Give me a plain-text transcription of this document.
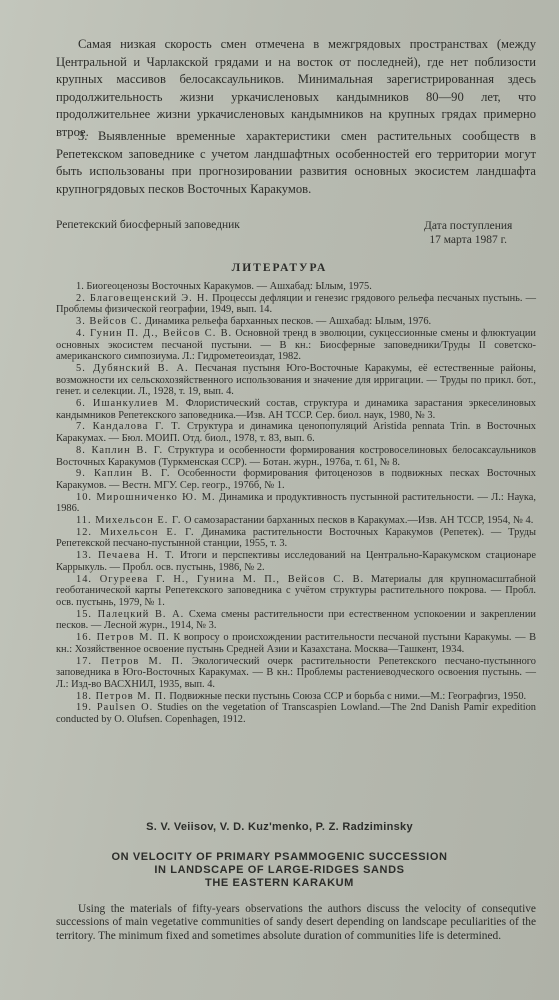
Самая низкая скорость смен отмечена в межгрядовых пространствах (между Центральной и Чарлакской грядами и на восток от последней), где нет поблизости крупных массивов белосаксаульников. Минимальная зарегистрированная здесь продолжительность жизни уркачисленовых кандымников 80—90 лет, что продолжительнее жизни уркачисленовых кандымников на крупных грядах примерно втрое.
3. Выявленные временные характеристики смен растительных сообществ в Репетекском заповеднике с учетом ландшафтных особенностей его территории могут быть использованы при прогнозировании развития основных экосистем ландшафта крупногрядовых песков Восточных Каракумов.
Репетекский биосферный заповедник	Дата поступления
17 марта 1987 г.
ЛИТЕРАТУРА
1. Биогеоценозы Восточных Каракумов. — Ашхабад: Ылым, 1975.
2. Благовещенский Э. Н. Процессы дефляции и генезис грядового рельефа песчаных пустынь. — Проблемы физической географии, 1949, вып. 14.
3. Вейсов С. Динамика рельефа барханных песков. — Ашхабад: Ылым, 1976.
4. Гунин П. Д., Вейсов С. В. Основной тренд в эволюции, сукцессионные смены и флюктуации основных экосистем песчаной пустыни. — В кн.: Биосферные заповедники/Труды II советско-американского симпозиума. Л.: Гидрометеоиздат, 1982.
5. Дубянский В. А. Песчаная пустыня Юго-Восточные Каракумы, её естественные районы, возможности их сельскохозяйственного использования и значение для ирригации. — Труды по прикл. бот., генет. и селекции. Л., 1928, т. 19, вып. 4.
6. Ишанкулиев М. Флористический состав, структура и динамика зарастания эркеселиновых кандымников Репетекского заповедника.—Изв. АН ТССР. Сер. биол. наук, 1980, № 3.
7. Кандалова Г. Т. Структура и динамика ценопопуляций Aristida pennata Trin. в Восточных Каракумах. — Бюл. МОИП. Отд. биол., 1978, т. 83, вып. 6.
8. Каплин В. Г. Структура и особенности формирования костровоселиновых белосаксаульников Восточных Каракумов (Туркменская ССР). — Ботан. журн., 1976а, т. 61, № 8.
9. Каплин В. Г. Особенности формирования фитоценозов в подвижных песках Восточных Каракумов. — Вестн. МГУ. Сер. геогр., 1976б, № 1.
10. Мирошниченко Ю. М. Динамика и продуктивность пустынной растительности. — Л.: Наука, 1986.
11. Михельсон Е. Г. О самозарастании барханных песков в Каракумах.—Изв. АН ТССР, 1954, № 4.
12. Михельсон Е. Г. Динамика растительности Восточных Каракумов (Репетек). — Труды Репетекской песчано-пустынной станции, 1955, т. 3.
13. Печаева Н. Т. Итоги и перспективы исследований на Центрально-Каракумском стационаре Каррыкуль. — Пробл. осв. пустынь, 1986, № 2.
14. Огуреева Г. Н., Гунина М. П., Вейсов С. В. Материалы для крупномасштабной геоботанической карты Репетекского заповедника с учётом структуры растительного покрова. — Пробл. осв. пустынь, 1979, № 1.
15. Палецкий В. А. Схема смены растительности при естественном успокоении и закреплении песков. — Лесной журн., 1914, № 3.
16. Петров М. П. К вопросу о происхождении растительности песчаной пустыни Каракумы. — В кн.: Хозяйственное освоение пустынь Средней Азии и Казахстана. Москва—Ташкент, 1934.
17. Петров М. П. Экологический очерк растительности Репетекского песчано-пустынного заповедника в Юго-Восточных Каракумах. — В кн.: Проблемы растениеводческого освоения пустынь. — Л.: Изд-во ВАСХНИЛ, 1935, вып. 4.
18. Петров М. П. Подвижные пески пустынь Союза ССР и борьба с ними.—М.: Географгиз, 1950.
19. Paulsen O. Studies on the vegetation of Transcaspien Lowland.—The 2nd Danish Pamir expedition conducted by O. Olufsen. Copenhagen, 1912.
S. V. Veiisov, V. D. Kuz'menko, P. Z. Radziminsky
ON VELOCITY OF PRIMARY PSAMMOGENIC SUCCESSION
IN LANDSCAPE OF LARGE-RIDGES SANDS
THE EASTERN KARAKUM
Using the materials of fifty-years observations the authors discuss the velocity of consequtive successions of main vegetative communities of sandy desert depending on landscape peculiarities of the territory. The minimum fixed and sometimes absolute duration of communities life is determined.
